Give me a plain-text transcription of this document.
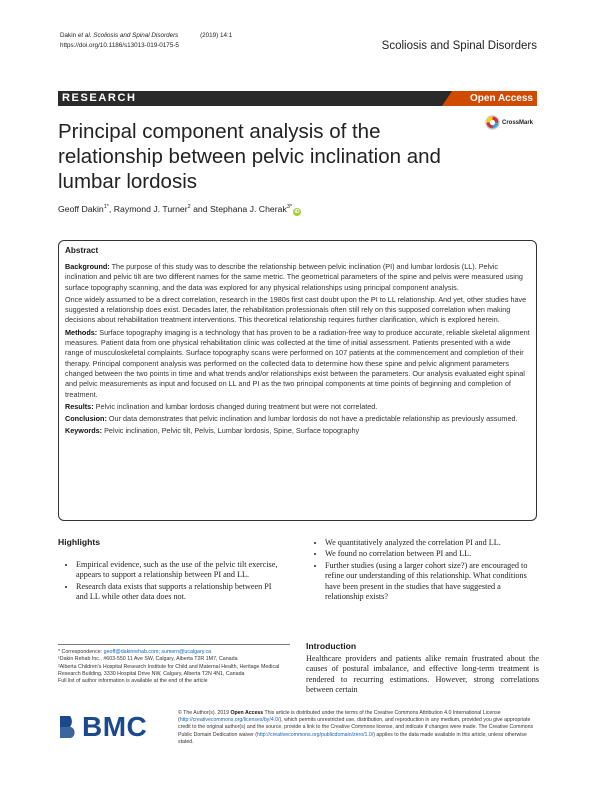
Dakin et al. Scoliosis and Spinal Disorders	(2019) 14:1
https://doi.org/10.1186/s13013-019-0175-5	Scoliosis and Spinal Disorders
RESEARCH	Open Access
Principal component analysis of the relationship between pelvic inclination and lumbar lordosis
CrossMark
Geoff Dakin$^{1*}$, Raymond J. Turner$^2$ and Stephana J. Cherak$^{3*}$iD
Abstract

Background: The purpose of this study was to describe the relationship between pelvic inclination (PI) and lumbar lordosis (LL). Pelvic inclination and pelvic tilt are two different names for the same metric. The geometrical parameters of the spine and pelvis were measured using surface topography scanning, and the data was explored for any physical relationships using principal component analysis.

Once widely assumed to be a direct correlation, research in the 1980s first cast doubt upon the PI to LL relationship. And yet, other studies have suggested a relationship does exist. Decades later, the rehabilitation professionals often still rely on this supposed correlation when making decisions about rehabilitation treatment interventions. This theoretical relationship requires further clarification, which is explored herein.

Methods: Surface topography imaging is a technology that has proven to be a radiation-free way to produce accurate, reliable skeletal alignment measures. Patient data from one physical rehabilitation clinic was collected at the time of initial assessment. Patients presented with a wide range of musculoskeletal complaints. Surface topography scans were performed on 107 patients at the commencement and completion of their therapy. Principal component analysis was performed on the collected data to determine how these spine and pelvic alignment parameters changed between the two points in time and what trends and/or relationships exist between the parameters. Our analysis evaluated eight spinal and pelvic measurements as input and focused on LL and PI as the two principal components at time points of beginning and completion of treatment.

Results: Pelvic inclination and lumbar lordosis changed during treatment but were not correlated.

Conclusion: Our data demonstrates that pelvic inclination and lumbar lordosis do not have a predictable relationship as previously assumed.

Keywords: Pelvic inclination, Pelvic tilt, Pelvis, Lumbar lordosis, Spine, Surface topography

Highlights
• Empirical evidence, such as the use of the pelvic tilt exercise, appears to support a relationship between PI and LL.
• Research data exists that supports a relationship between PI and LL while other data does not.
• We quantitatively analyzed the correlation PI and LL.
• We found no correlation between PI and LL.
• Further studies (using a larger cohort size?) are encouraged to refine our understanding of this relationship. What conditions have been present in the studies that have suggested a relationship exists?
* Correspondence: geoff@dakinrehab.com; sumern@ucalgary.ca
¹Dakin Rehab Inc., #603-550 11 Ave SW, Calgary, Alberta T2R 1M7, Canada
²Alberta Children's Hospital Research Institute for Child and Maternal Health, Heritage Medical Research Building, 3330 Hospital Drive NW, Calgary, Alberta T2N 4N1, Canada
Full list of author information is available at the end of the article
Introduction
Healthcare providers and patients alike remain frustrated about the causes of postural imbalance, and effective long-term treatment is rendered to recurring estimations. However, strong correlations between certain
BMC	© The Author(s). 2019 Open Access This article is distributed under the terms of the Creative Commons Attribution 4.0 International License (http://creativecommons.org/licenses/by/4.0/), which permits unrestricted use, distribution, and reproduction in any medium, provided you give appropriate credit to the original author(s) and the source, provide a link to the Creative Commons license, and indicate if changes were made. The Creative Commons Public Domain Dedication waiver (http://creativecommons.org/publicdomain/zero/1.0/) applies to the data made available in this article, unless otherwise stated.
